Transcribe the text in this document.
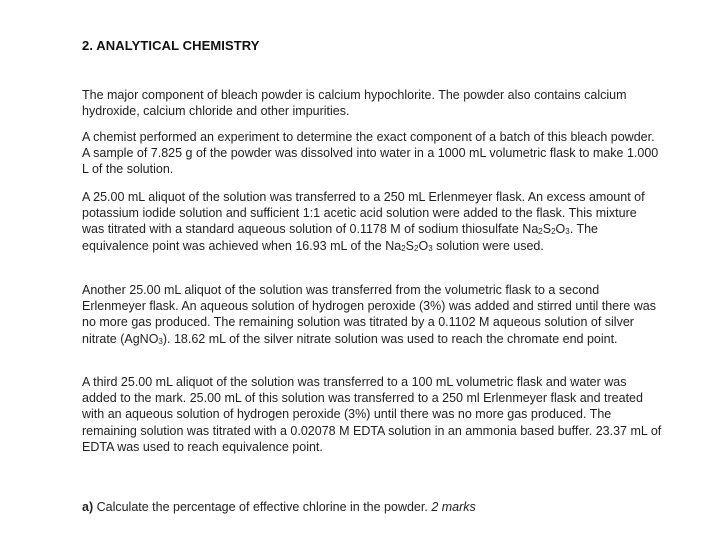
2. ANALYTICAL CHEMISTRY

The major component of bleach powder is calcium hypochlorite. The powder also contains calcium hydroxide, calcium chloride and other impurities.

A chemist performed an experiment to determine the exact component of a batch of this bleach powder. A sample of 7.825 g of the powder was dissolved into water in a 1000 mL volumetric flask to make 1.000 L of the solution.

A 25.00 mL aliquot of the solution was transferred to a 250 mL Erlenmeyer flask. An excess amount of potassium iodide solution and sufficient 1:1 acetic acid solution were added to the flask. This mixture was titrated with a standard aqueous solution of 0.1178 M of sodium thiosulfate $Na_2S_2O_3$. The equivalence point was achieved when 16.93 mL of the $Na_2S_2O_3$ solution were used.

Another 25.00 mL aliquot of the solution was transferred from the volumetric flask to a second Erlenmeyer flask. An aqueous solution of hydrogen peroxide (3%) was added and stirred until there was no more gas produced. The remaining solution was titrated by a 0.1102 M aqueous solution of silver nitrate (AgNO$_3$). 18.62 mL of the silver nitrate solution was used to reach the chromate end point.

A third 25.00 mL aliquot of the solution was transferred to a 100 mL volumetric flask and water was added to the mark. 25.00 mL of this solution was transferred to a 250 ml Erlenmeyer flask and treated with an aqueous solution of hydrogen peroxide (3%) until there was no more gas produced. The remaining solution was titrated with a 0.02078 M EDTA solution in an ammonia based buffer. 23.37 mL of EDTA was used to reach equivalence point.

a) Calculate the percentage of effective chlorine in the powder. 2 marks
